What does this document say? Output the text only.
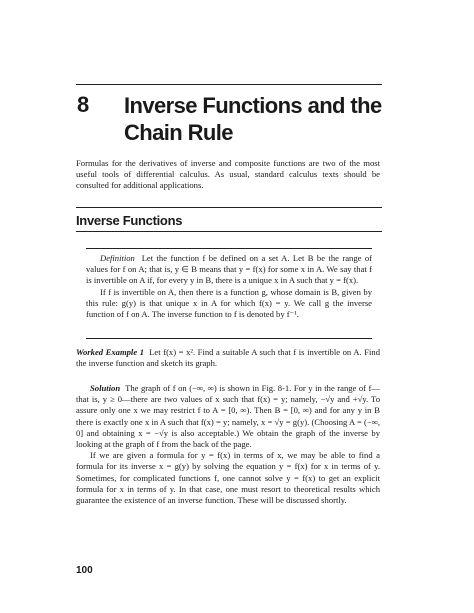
8 Inverse Functions and the
Chain Rule
Formulas for the derivatives of inverse and composite functions are two of the most useful tools of differential calculus. As usual, standard calculus texts should be consulted for additional applications.
Inverse Functions

Definition Let the function f be defined on a set A. Let B be the range of values for f on A; that is, y ∈ B means that y = f(x) for some x in A. We say that f is invertible on A if, for every y in B, there is a unique x in A such that y = f(x).

If f is invertible on A, then there is a function g, whose domain is B, given by this rule: g(y) is that unique x in A for which f(x) = y. We call g the inverse function of f on A. The inverse function to f is denoted by f⁻¹.

Worked Example 1 Let f(x) = x². Find a suitable A such that f is invertible on A. Find the inverse function and sketch its graph.

Solution The graph of f on (−∞, ∞) is shown in Fig. 8-1. For y in the range of f—that is, y ≥ 0—there are two values of x such that f(x) = y; namely, −√y and +√y. To assure only one x we may restrict f to A = [0, ∞). Then B = [0, ∞) and for any y in B there is exactly one x in A such that f(x) = y; namely, x = √y = g(y). (Choosing A = (−∞, 0] and obtaining x = −√y is also acceptable.) We obtain the graph of the inverse by looking at the graph of f from the back of the page.

If we are given a formula for y = f(x) in terms of x, we may be able to find a formula for its inverse x = g(y) by solving the equation y = f(x) for x in terms of y. Sometimes, for complicated functions f, one cannot solve y = f(x) to get an explicit formula for x in terms of y. In that case, one must resort to theoretical results which guarantee the existence of an inverse function. These will be discussed shortly.

100
